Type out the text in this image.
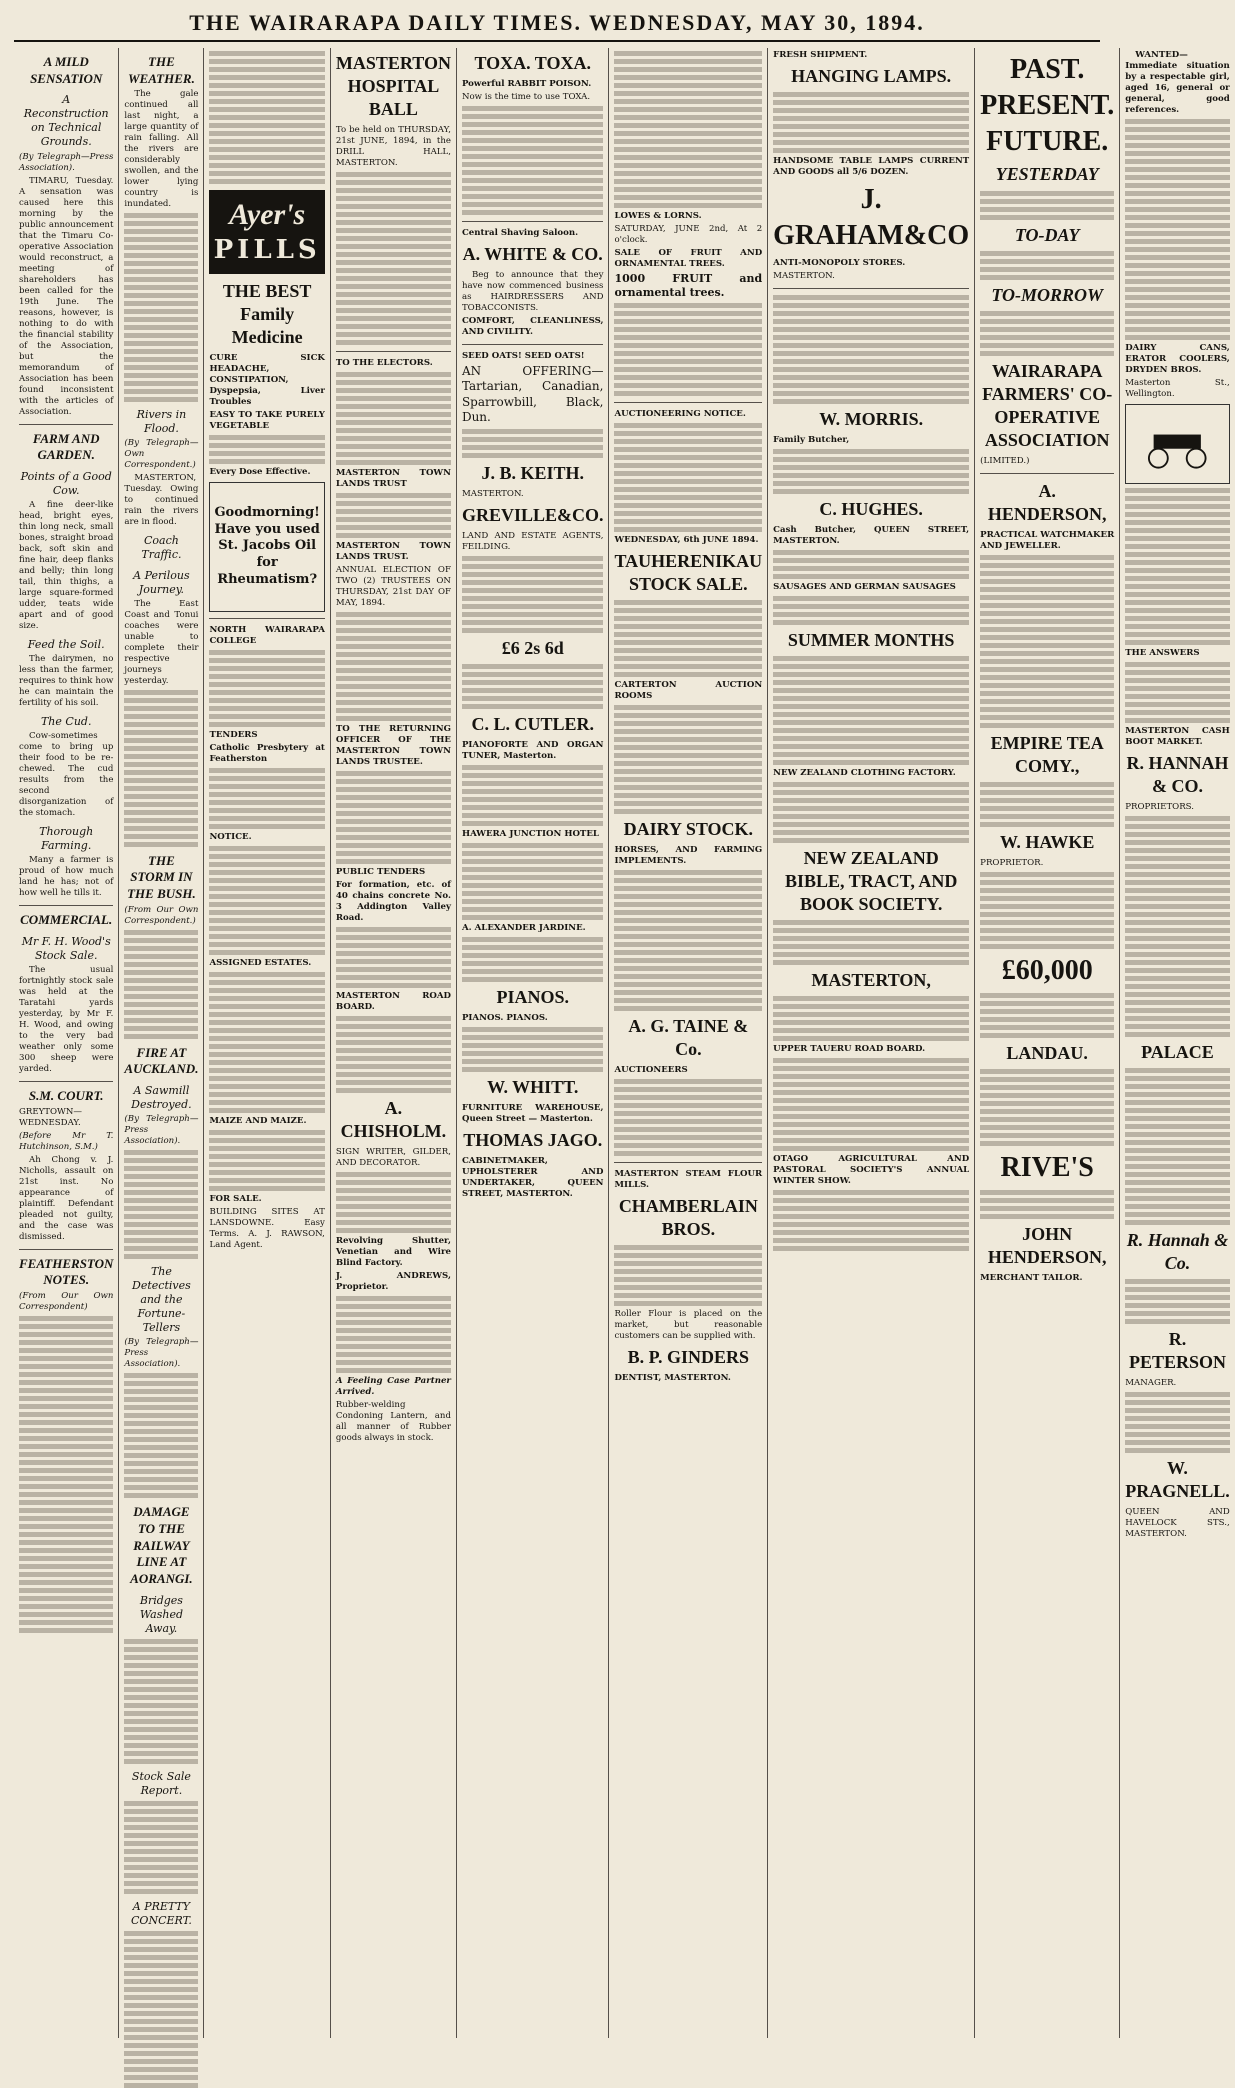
THE WAIRARAPA DAILY TIMES. WEDNESDAY, MAY 30, 1894.
A MILD SENSATION
A Reconstruction on Technical Grounds.

(By Telegraph—Press Association).

TIMARU, Tuesday. A sensation was caused here this morning by the public announcement that the Timaru Co-operative Association would reconstruct, a meeting of shareholders has been called for the 19th June. The reasons, however, is nothing to do with the financial stability of the Association, but the memorandum of Association has been found inconsistent with the articles of Association.

FARM AND GARDEN.
Points of a Good Cow.

A fine deer-like head, bright eyes, thin long neck, small bones, straight broad back, soft skin and fine hair, deep flanks and belly; thin long tail, thin thighs, a large square-formed udder, teats wide apart and of good size.

Feed the Soil.

The dairymen, no less than the farmer, requires to think how he can maintain the fertility of his soil.

The Cud.

Cow-sometimes come to bring up their food to be re-chewed. The cud results from the second disorganization of the stomach.

Thorough Farming.

Many a farmer is proud of how much land he has; not of how well he tills it.

COMMERCIAL.
Mr F. H. Wood's Stock Sale.

The usual fortnightly stock sale was held at the Taratahi yards yesterday, by Mr F. H. Wood, and owing to the very bad weather only some 300 sheep were yarded.

S.M. COURT.

GREYTOWN—WEDNESDAY.

(Before Mr T. Hutchinson, S.M.)

Ah Chong v. J. Nicholls, assault on 21st inst. No appearance of plaintiff. Defendant pleaded not guilty, and the case was dismissed.

FEATHERSTON NOTES.

(From Our Own Correspondent)

THE WEATHER.

The gale continued all last night, a large quantity of rain falling. All the rivers are considerably swollen, and the lower lying country is inundated.

Rivers in Flood.

(By Telegraph—Own Correspondent.)

MASTERTON, Tuesday. Owing to continued rain the rivers are in flood.

Coach Traffic.
A Perilous Journey.

The East Coast and Tonui coaches were unable to complete their respective journeys yesterday.

THE STORM IN THE BUSH.

(From Our Own Correspondent.)

FIRE AT AUCKLAND.
A Sawmill Destroyed.

(By Telegraph—Press Association).

The Detectives and the Fortune-Tellers

(By Telegraph—Press Association).

DAMAGE TO THE RAILWAY LINE AT AORANGI.
Bridges Washed Away.
Stock Sale Report.
A PRETTY CONCERT.
Ayer's
PILLS
THE BEST Family Medicine

CURE SICK HEADACHE, CONSTIPATION, Dyspepsia, Liver Troubles

EASY TO TAKE PURELY VEGETABLE

Every Dose Effective.

Goodmorning! Have you used St. Jacobs Oil for Rheumatism?

NORTH WAIRARAPA COLLEGE

TENDERS

Catholic Presbytery at Featherston

NOTICE.

ASSIGNED ESTATES.

MAIZE AND MAIZE.

FOR SALE.

BUILDING SITES AT LANSDOWNE. Easy Terms. A. J. RAWSON, Land Agent.

MASTERTON HOSPITAL BALL

To be held on THURSDAY, 21st JUNE, 1894, in the DRILL HALL, MASTERTON.

TO THE ELECTORS.

MASTERTON TOWN LANDS TRUST

MASTERTON TOWN LANDS TRUST.

ANNUAL ELECTION OF TWO (2) TRUSTEES ON THURSDAY, 21st DAY OF MAY, 1894.

TO THE RETURNING OFFICER OF THE MASTERTON TOWN LANDS TRUSTEE.

PUBLIC TENDERS

For formation, etc. of 40 chains concrete No. 3 Addington Valley Road.

MASTERTON ROAD BOARD.

A. CHISHOLM.

SIGN WRITER, GILDER, AND DECORATOR.

Revolving Shutter, Venetian and Wire Blind Factory.

J. ANDREWS, Proprietor.

A Feeling Case Partner Arrived.

Rubber-welding Condoning Lantern, and all manner of Rubber goods always in stock.

TOXA. TOXA.

Powerful RABBIT POISON.

Now is the time to use TOXA.

Central Shaving Saloon.

A. WHITE & CO.

Beg to announce that they have now commenced business as HAIRDRESSERS AND TOBACCONISTS.

COMFORT, CLEANLINESS, AND CIVILITY.

SEED OATS! SEED OATS!

AN OFFERING— Tartarian, Canadian, Sparrowbill, Black, Dun.

J. B. KEITH.

MASTERTON.

GREVILLE&CO.

LAND AND ESTATE AGENTS, FEILDING.

£6 2s 6d
C. L. CUTLER.

PIANOFORTE AND ORGAN TUNER, Masterton.

HAWERA JUNCTION HOTEL

A. ALEXANDER JARDINE.

PIANOS.

PIANOS. PIANOS.

W. WHITT.

FURNITURE WAREHOUSE, Queen Street — Masterton.

THOMAS JAGO.

CABINETMAKER, UPHOLSTERER AND UNDERTAKER, QUEEN STREET, MASTERTON.

LOWES & LORNS.

SATURDAY, JUNE 2nd, At 2 o'clock.

SALE OF FRUIT AND ORNAMENTAL TREES.

1000 FRUIT and ornamental trees.

AUCTIONEERING NOTICE.

WEDNESDAY, 6th JUNE 1894.

TAUHERENIKAU STOCK SALE.

CARTERTON AUCTION ROOMS

DAIRY STOCK.

HORSES, AND FARMING IMPLEMENTS.

A. G. TAINE & Co.

AUCTIONEERS

MASTERTON STEAM FLOUR MILLS.

CHAMBERLAIN BROS.

Roller Flour is placed on the market, but reasonable customers can be supplied with.

B. P. GINDERS

DENTIST, MASTERTON.

FRESH SHIPMENT.

HANGING LAMPS.

HANDSOME TABLE LAMPS CURRENT AND GOODS all 5/6 DOZEN.

J. GRAHAM&CO

ANTI-MONOPOLY STORES.

MASTERTON.

W. MORRIS.

Family Butcher,

C. HUGHES.

Cash Butcher, QUEEN STREET, MASTERTON.

SAUSAGES AND GERMAN SAUSAGES

SUMMER MONTHS

NEW ZEALAND CLOTHING FACTORY.

NEW ZEALAND BIBLE, TRACT, AND BOOK SOCIETY.
MASTERTON,

UPPER TAUERU ROAD BOARD.

OTAGO AGRICULTURAL AND PASTORAL SOCIETY'S ANNUAL WINTER SHOW.

PAST. PRESENT. FUTURE.
YESTERDAY
TO-DAY
TO-MORROW
WAIRARAPA FARMERS' CO-OPERATIVE ASSOCIATION

(LIMITED.)

A. HENDERSON,

PRACTICAL WATCHMAKER AND JEWELLER.

EMPIRE TEA COMY.,
W. HAWKE

PROPRIETOR.

£60,000
LANDAU.
RIVE'S
JOHN HENDERSON,

MERCHANT TAILOR.

WANTED—Immediate situation by a respectable girl, aged 16, general or general, good references.

DAIRY CANS, ERATOR COOLERS, DRYDEN BROS.

Masterton St., Wellington.

THE ANSWERS

MASTERTON CASH BOOT MARKET.

R. HANNAH & CO.

PROPRIETORS.

PALACE
R. Hannah & Co.
R. PETERSON

MANAGER.

W. PRAGNELL.

QUEEN AND HAVELOCK STS., MASTERTON.
